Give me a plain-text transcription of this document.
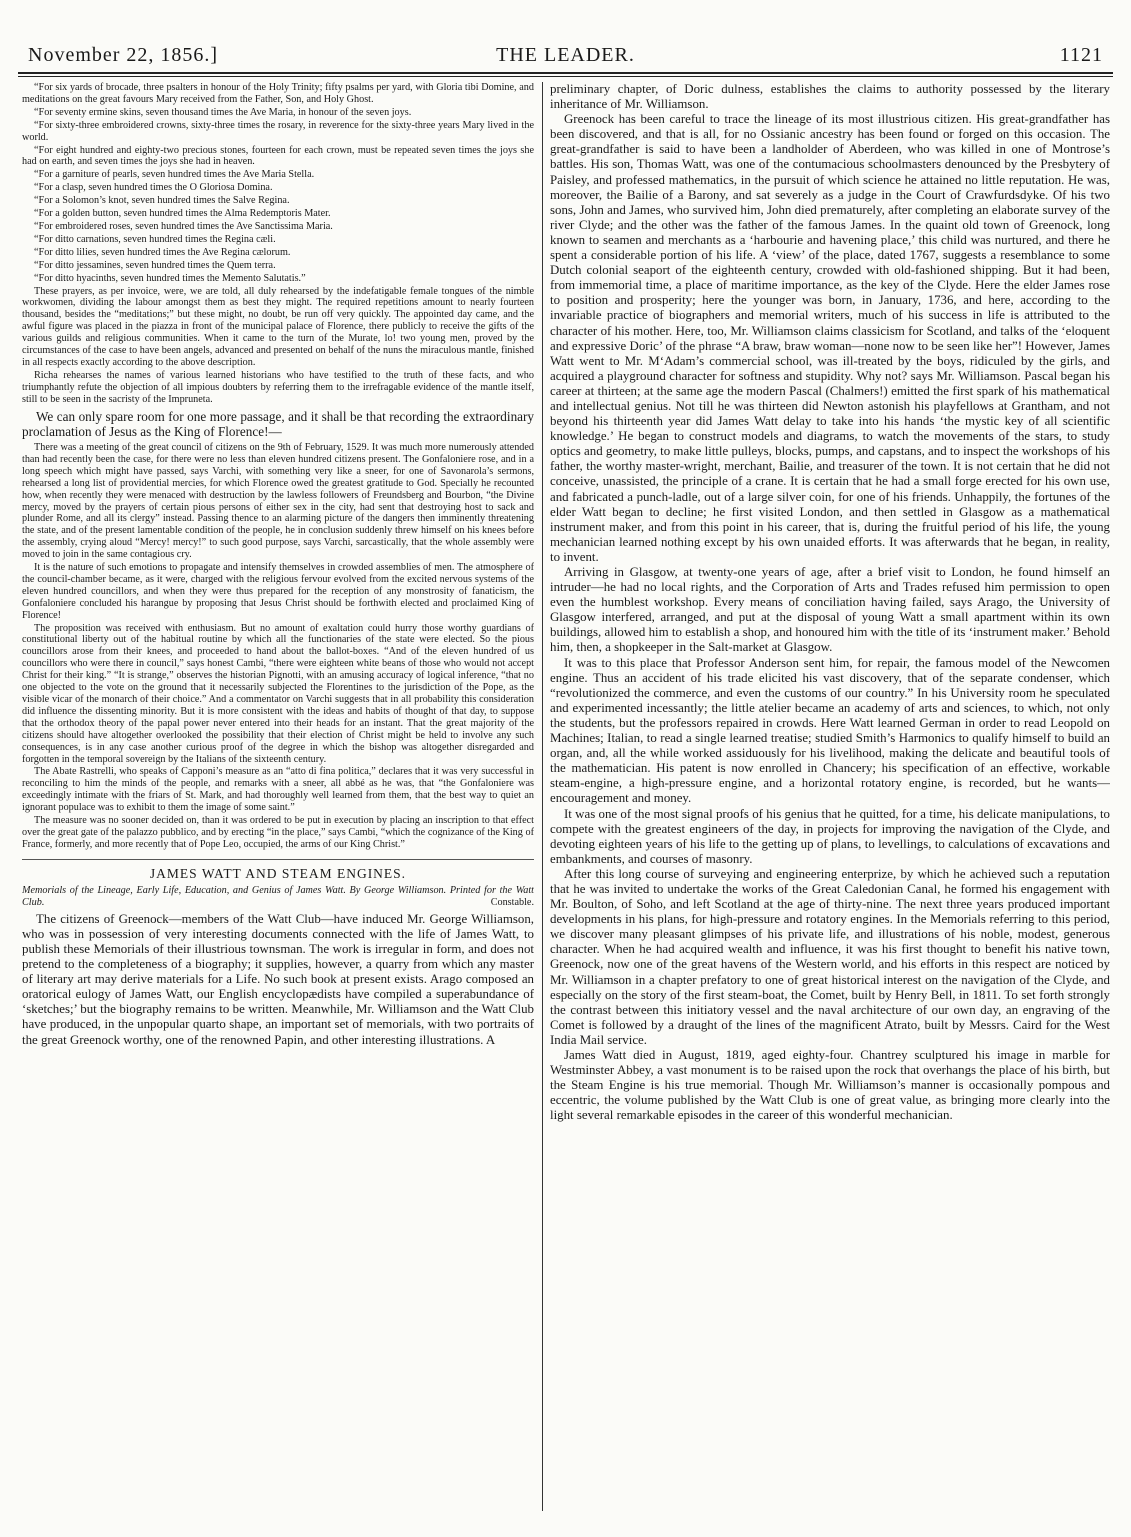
November 22, 1856.]	THE LEADER.	1121

“For six yards of brocade, three psalters in honour of the Holy Trinity; fifty psalms per yard, with Gloria tibi Domine, and meditations on the great favours Mary received from the Father, Son, and Holy Ghost.

“For seventy ermine skins, seven thousand times the Ave Maria, in honour of the seven joys.

“For sixty-three embroidered crowns, sixty-three times the rosary, in reverence for the sixty-three years Mary lived in the world.

“For eight hundred and eighty-two precious stones, fourteen for each crown, must be repeated seven times the joys she had on earth, and seven times the joys she had in heaven.

“For a garniture of pearls, seven hundred times the Ave Maria Stella.

“For a clasp, seven hundred times the O Gloriosa Domina.

“For a Solomon’s knot, seven hundred times the Salve Regina.

“For a golden button, seven hundred times the Alma Redemptoris Mater.

“For embroidered roses, seven hundred times the Ave Sanctissima Maria.

“For ditto carnations, seven hundred times the Regina cæli.

“For ditto lilies, seven hundred times the Ave Regina cælorum.

“For ditto jessamines, seven hundred times the Quem terra.

“For ditto hyacinths, seven hundred times the Memento Salutatis.”

These prayers, as per invoice, were, we are told, all duly rehearsed by the indefatigable female tongues of the nimble workwomen, dividing the labour amongst them as best they might. The required repetitions amount to nearly fourteen thousand, besides the “meditations;” but these might, no doubt, be run off very quickly. The appointed day came, and the awful figure was placed in the piazza in front of the municipal palace of Florence, there publicly to receive the gifts of the various guilds and religious communities. When it came to the turn of the Murate, lo! two young men, proved by the circumstances of the case to have been angels, advanced and presented on behalf of the nuns the miraculous mantle, finished in all respects exactly according to the above description.

Richa rehearses the names of various learned historians who have testified to the truth of these facts, and who triumphantly refute the objection of all impious doubters by referring them to the irrefragable evidence of the mantle itself, still to be seen in the sacristy of the Impruneta.

We can only spare room for one more passage, and it shall be that recording the extraordinary proclamation of Jesus as the King of Florence!—

There was a meeting of the great council of citizens on the 9th of February, 1529. It was much more numerously attended than had recently been the case, for there were no less than eleven hundred citizens present. The Gonfaloniere rose, and in a long speech which might have passed, says Varchi, with something very like a sneer, for one of Savonarola’s sermons, rehearsed a long list of providential mercies, for which Florence owed the greatest gratitude to God. Specially he recounted how, when recently they were menaced with destruction by the lawless followers of Freundsberg and Bourbon, “the Divine mercy, moved by the prayers of certain pious persons of either sex in the city, had sent that destroying host to sack and plunder Rome, and all its clergy” instead. Passing thence to an alarming picture of the dangers then imminently threatening the state, and of the present lamentable condition of the people, he in conclusion suddenly threw himself on his knees before the assembly, crying aloud “Mercy! mercy!” to such good purpose, says Varchi, sarcastically, that the whole assembly were moved to join in the same contagious cry.

It is the nature of such emotions to propagate and intensify themselves in crowded assemblies of men. The atmosphere of the council-chamber became, as it were, charged with the religious fervour evolved from the excited nervous systems of the eleven hundred councillors, and when they were thus prepared for the reception of any monstrosity of fanaticism, the Gonfaloniere concluded his harangue by proposing that Jesus Christ should be forthwith elected and proclaimed King of Florence!

The proposition was received with enthusiasm. But no amount of exaltation could hurry those worthy guardians of constitutional liberty out of the habitual routine by which all the functionaries of the state were elected. So the pious councillors arose from their knees, and proceeded to hand about the ballot-boxes. “And of the eleven hundred of us councillors who were there in council,” says honest Cambi, “there were eighteen white beans of those who would not accept Christ for their king.” “It is strange,” observes the historian Pignotti, with an amusing accuracy of logical inference, “that no one objected to the vote on the ground that it necessarily subjected the Florentines to the jurisdiction of the Pope, as the visible vicar of the monarch of their choice.” And a commentator on Varchi suggests that in all probability this consideration did influence the dissenting minority. But it is more consistent with the ideas and habits of thought of that day, to suppose that the orthodox theory of the papal power never entered into their heads for an instant. That the great majority of the citizens should have altogether overlooked the possibility that their election of Christ might be held to involve any such consequences, is in any case another curious proof of the degree in which the bishop was altogether disregarded and forgotten in the temporal sovereign by the Italians of the sixteenth century.

The Abate Rastrelli, who speaks of Capponi’s measure as an “atto di fina politica,” declares that it was very successful in reconciling to him the minds of the people, and remarks with a sneer, all abbé as he was, that “the Gonfaloniere was exceedingly intimate with the friars of St. Mark, and had thoroughly well learned from them, that the best way to quiet an ignorant populace was to exhibit to them the image of some saint.”

The measure was no sooner decided on, than it was ordered to be put in execution by placing an inscription to that effect over the great gate of the palazzo pubblico, and by erecting “in the place,” says Cambi, “which the cognizance of the King of France, formerly, and more recently that of Pope Leo, occupied, the arms of our King Christ.”

JAMES WATT AND STEAM ENGINES.
Memorials of the Lineage, Early Life, Education, and Genius of James Watt. By George Williamson. Printed for the Watt Club.	Constable.

The citizens of Greenock—members of the Watt Club—have induced Mr. George Williamson, who was in possession of very interesting documents connected with the life of James Watt, to publish these Memorials of their illustrious townsman. The work is irregular in form, and does not pretend to the completeness of a biography; it supplies, however, a quarry from which any master of literary art may derive materials for a Life. No such book at present exists. Arago composed an oratorical eulogy of James Watt, our English encyclopædists have compiled a superabundance of ‘sketches;’ but the biography remains to be written. Meanwhile, Mr. Williamson and the Watt Club have produced, in the unpopular quarto shape, an important set of memorials, with two portraits of the great Greenock worthy, one of the renowned Papin, and other interesting illustrations. A

preliminary chapter, of Doric dulness, establishes the claims to authority possessed by the literary inheritance of Mr. Williamson.

Greenock has been careful to trace the lineage of its most illustrious citizen. His great-grandfather has been discovered, and that is all, for no Ossianic ancestry has been found or forged on this occasion. The great-grandfather is said to have been a landholder of Aberdeen, who was killed in one of Montrose’s battles. His son, Thomas Watt, was one of the contumacious schoolmasters denounced by the Presbytery of Paisley, and professed mathematics, in the pursuit of which science he attained no little reputation. He was, moreover, the Bailie of a Barony, and sat severely as a judge in the Court of Crawfurdsdyke. Of his two sons, John and James, who survived him, John died prematurely, after completing an elaborate survey of the river Clyde; and the other was the father of the famous James. In the quaint old town of Greenock, long known to seamen and merchants as a ‘harbourie and havening place,’ this child was nurtured, and there he spent a considerable portion of his life. A ‘view’ of the place, dated 1767, suggests a resemblance to some Dutch colonial seaport of the eighteenth century, crowded with old-fashioned shipping. But it had been, from immemorial time, a place of maritime importance, as the key of the Clyde. Here the elder James rose to position and prosperity; here the younger was born, in January, 1736, and here, according to the invariable practice of biographers and memorial writers, much of his success in life is attributed to the character of his mother. Here, too, Mr. Williamson claims classicism for Scotland, and talks of the ‘eloquent and expressive Doric’ of the phrase “A braw, braw woman—none now to be seen like her”! However, James Watt went to Mr. M‘Adam’s commercial school, was ill-treated by the boys, ridiculed by the girls, and acquired a playground character for softness and stupidity. Why not? says Mr. Williamson. Pascal began his career at thirteen; at the same age the modern Pascal (Chalmers!) emitted the first spark of his mathematical and intellectual genius. Not till he was thirteen did Newton astonish his playfellows at Grantham, and not beyond his thirteenth year did James Watt delay to take into his hands ‘the mystic key of all scientific knowledge.’ He began to construct models and diagrams, to watch the movements of the stars, to study optics and geometry, to make little pulleys, blocks, pumps, and capstans, and to inspect the workshops of his father, the worthy master-wright, merchant, Bailie, and treasurer of the town. It is not certain that he did not conceive, unassisted, the principle of a crane. It is certain that he had a small forge erected for his own use, and fabricated a punch-ladle, out of a large silver coin, for one of his friends. Unhappily, the fortunes of the elder Watt began to decline; he first visited London, and then settled in Glasgow as a mathematical instrument maker, and from this point in his career, that is, during the fruitful period of his life, the young mechanician learned nothing except by his own unaided efforts. It was afterwards that he began, in reality, to invent.

Arriving in Glasgow, at twenty-one years of age, after a brief visit to London, he found himself an intruder—he had no local rights, and the Corporation of Arts and Trades refused him permission to open even the humblest workshop. Every means of conciliation having failed, says Arago, the University of Glasgow interfered, arranged, and put at the disposal of young Watt a small apartment within its own buildings, allowed him to establish a shop, and honoured him with the title of its ‘instrument maker.’ Behold him, then, a shopkeeper in the Salt-market at Glasgow.

It was to this place that Professor Anderson sent him, for repair, the famous model of the Newcomen engine. Thus an accident of his trade elicited his vast discovery, that of the separate condenser, which “revolutionized the commerce, and even the customs of our country.” In his University room he speculated and experimented incessantly; the little atelier became an academy of arts and sciences, to which, not only the students, but the professors repaired in crowds. Here Watt learned German in order to read Leopold on Machines; Italian, to read a single learned treatise; studied Smith’s Harmonics to qualify himself to build an organ, and, all the while worked assiduously for his livelihood, making the delicate and beautiful tools of the mathematician. His patent is now enrolled in Chancery; his specification of an effective, workable steam-engine, a high-pressure engine, and a horizontal rotatory engine, is recorded, but he wants—encouragement and money.

It was one of the most signal proofs of his genius that he quitted, for a time, his delicate manipulations, to compete with the greatest engineers of the day, in projects for improving the navigation of the Clyde, and devoting eighteen years of his life to the getting up of plans, to levellings, to calculations of excavations and embankments, and courses of masonry.

After this long course of surveying and engineering enterprize, by which he achieved such a reputation that he was invited to undertake the works of the Great Caledonian Canal, he formed his engagement with Mr. Boulton, of Soho, and left Scotland at the age of thirty-nine. The next three years produced important developments in his plans, for high-pressure and rotatory engines. In the Memorials referring to this period, we discover many pleasant glimpses of his private life, and illustrations of his noble, modest, generous character. When he had acquired wealth and influence, it was his first thought to benefit his native town, Greenock, now one of the great havens of the Western world, and his efforts in this respect are noticed by Mr. Williamson in a chapter prefatory to one of great historical interest on the navigation of the Clyde, and especially on the story of the first steam-boat, the Comet, built by Henry Bell, in 1811. To set forth strongly the contrast between this initiatory vessel and the naval architecture of our own day, an engraving of the Comet is followed by a draught of the lines of the magnificent Atrato, built by Messrs. Caird for the West India Mail service.

James Watt died in August, 1819, aged eighty-four. Chantrey sculptured his image in marble for Westminster Abbey, a vast monument is to be raised upon the rock that overhangs the place of his birth, but the Steam Engine is his true memorial. Though Mr. Williamson’s manner is occasionally pompous and eccentric, the volume published by the Watt Club is one of great value, as bringing more clearly into the light several remarkable episodes in the career of this wonderful mechanician.
